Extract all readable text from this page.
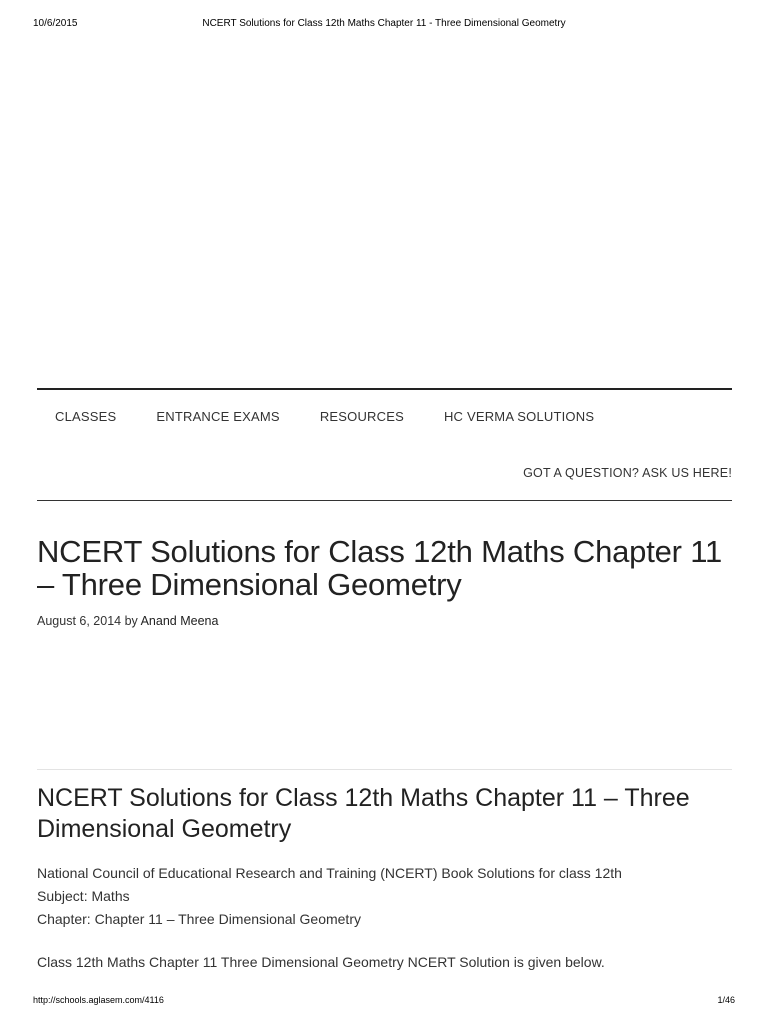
10/6/2015	NCERT Solutions for Class 12th Maths Chapter 11 - Three Dimensional Geometry
CLASSES	ENTRANCE EXAMS	RESOURCES	HC VERMA SOLUTIONS
GOT A QUESTION? ASK US HERE!
NCERT Solutions for Class 12th Maths Chapter 11 – Three Dimensional Geometry
August 6, 2014 by Anand Meena
NCERT Solutions for Class 12th Maths Chapter 11 – Three Dimensional Geometry
National Council of Educational Research and Training (NCERT) Book Solutions for class 12th
Subject: Maths
Chapter: Chapter 11 – Three Dimensional Geometry

Class 12th Maths Chapter 11 Three Dimensional Geometry NCERT Solution is given below.

http://schools.aglasem.com/4116	1/46
